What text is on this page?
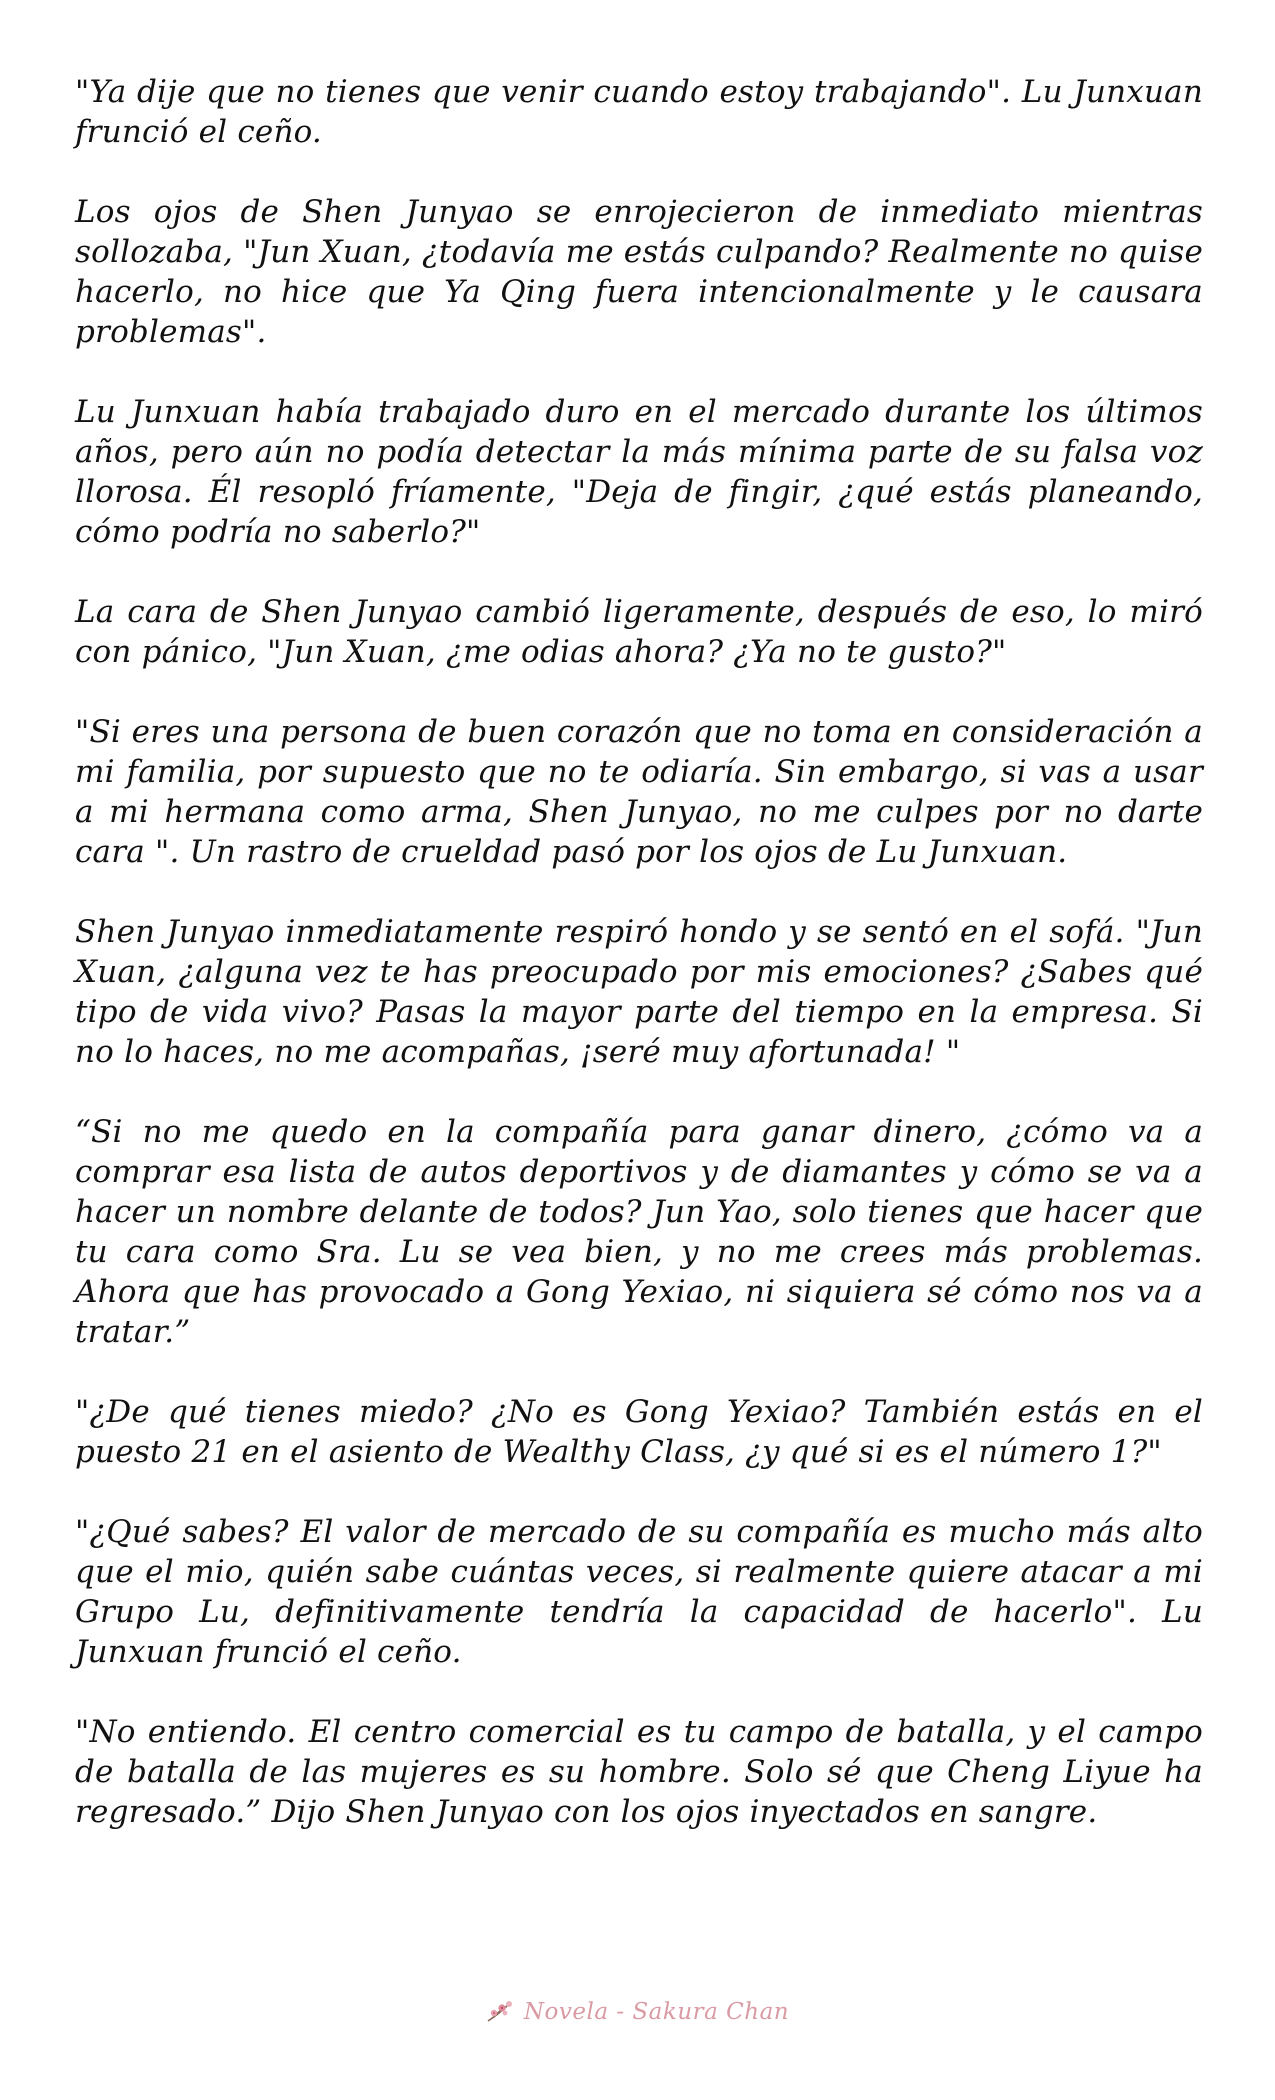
"Ya dije que no tienes que venir cuando estoy trabajando". Lu Junxuan frunció el ceño.

Los ojos de Shen Junyao se enrojecieron de inmediato mientras sollozaba, "Jun Xuan, ¿todavía me estás culpando? Realmente no quise hacerlo, no hice que Ya Qing fuera intencionalmente y le causara problemas".

Lu Junxuan había trabajado duro en el mercado durante los últimos años, pero aún no podía detectar la más mínima parte de su falsa voz llorosa. Él resopló fríamente, "Deja de fingir, ¿qué estás planeando, cómo podría no saberlo?"

La cara de Shen Junyao cambió ligeramente, después de eso, lo miró con pánico, "Jun Xuan, ¿me odias ahora? ¿Ya no te gusto?"

"Si eres una persona de buen corazón que no toma en consideración a mi familia, por supuesto que no te odiaría. Sin embargo, si vas a usar a mi hermana como arma, Shen Junyao, no me culpes por no darte cara ". Un rastro de crueldad pasó por los ojos de Lu Junxuan.

Shen Junyao inmediatamente respiró hondo y se sentó en el sofá. "Jun Xuan, ¿alguna vez te has preocupado por mis emociones? ¿Sabes qué tipo de vida vivo? Pasas la mayor parte del tiempo en la empresa. Si no lo haces, no me acompañas, ¡seré muy afortunada! "

“Si no me quedo en la compañía para ganar dinero, ¿cómo va a comprar esa lista de autos deportivos y de diamantes y cómo se va a hacer un nombre delante de todos? Jun Yao, solo tienes que hacer que tu cara como Sra. Lu se vea bien, y no me crees más problemas. Ahora que has provocado a Gong Yexiao, ni siquiera sé cómo nos va a tratar.”

"¿De qué tienes miedo? ¿No es Gong Yexiao? También estás en el puesto 21 en el asiento de Wealthy Class, ¿y qué si es el número 1?"

"¿Qué sabes? El valor de mercado de su compañía es mucho más alto que el mio, quién sabe cuántas veces, si realmente quiere atacar a mi Grupo Lu, definitivamente tendría la capacidad de hacerlo". Lu Junxuan frunció el ceño.

"No entiendo. El centro comercial es tu campo de batalla, y el campo de batalla de las mujeres es su hombre. Solo sé que Cheng Liyue ha regresado.” Dijo Shen Junyao con los ojos inyectados en sangre.

Novela - Sakura Chan
